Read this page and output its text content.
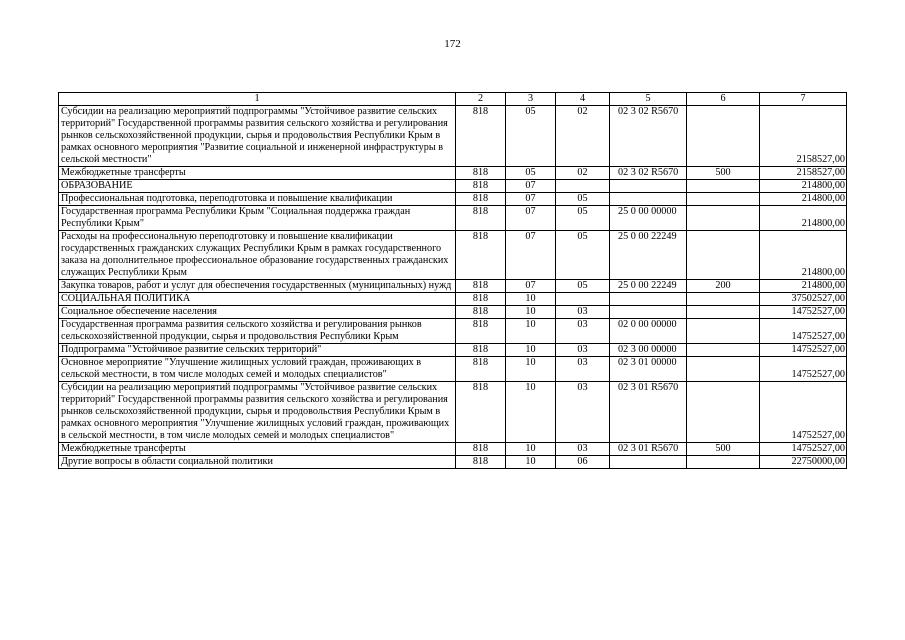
172
1	2	3	4	5	6	7
Субсидии на реализацию мероприятий подпрограммы "Устойчивое развитие сельских территорий" Государственной программы развития сельского хозяйства и регулирования рынков сельскохозяйственной продукции, сырья и продовольствия Республики Крым в рамках основного мероприятия "Развитие социальной и инженерной инфраструктуры в сельской местности"	818	05	02	02 3 02 R5670		2158527,00
Межбюджетные трансферты	818	05	02	02 3 02 R5670	500	2158527,00
ОБРАЗОВАНИЕ	818	07				214800,00
Профессиональная подготовка, переподготовка и повышение квалификации	818	07	05			214800,00
Государственная программа Республики Крым "Социальная поддержка граждан Республики Крым"	818	07	05	25 0 00 00000		214800,00
Расходы на профессиональную переподготовку и повышение квалификации государственных гражданских служащих Республики Крым в рамках государственного заказа на дополнительное профессиональное образование государственных гражданских служащих Республики Крым	818	07	05	25 0 00 22249		214800,00
Закупка товаров, работ и услуг для обеспечения государственных (муниципальных) нужд	818	07	05	25 0 00 22249	200	214800,00
СОЦИАЛЬНАЯ ПОЛИТИКА	818	10				37502527,00
Социальное обеспечение населения	818	10	03			14752527,00
Государственная программа развития сельского хозяйства и регулирования рынков сельскохозяйственной продукции, сырья и продовольствия Республики Крым	818	10	03	02 0 00 00000		14752527,00
Подпрограмма "Устойчивое развитие сельских территорий"	818	10	03	02 3 00 00000		14752527,00
Основное мероприятие "Улучшение жилищных условий граждан, проживающих в сельской местности, в том числе молодых семей и молодых специалистов"	818	10	03	02 3 01 00000		14752527,00
Субсидии на реализацию мероприятий подпрограммы "Устойчивое развитие сельских территорий" Государственной программы развития сельского хозяйства и регулирования рынков сельскохозяйственной продукции, сырья и продовольствия Республики Крым в рамках основного мероприятия "Улучшение жилищных условий граждан, проживающих в сельской местности, в том числе молодых семей и молодых специалистов"	818	10	03	02 3 01 R5670		14752527,00
Межбюджетные трансферты	818	10	03	02 3 01 R5670	500	14752527,00
Другие вопросы в области социальной политики	818	10	06			22750000,00
